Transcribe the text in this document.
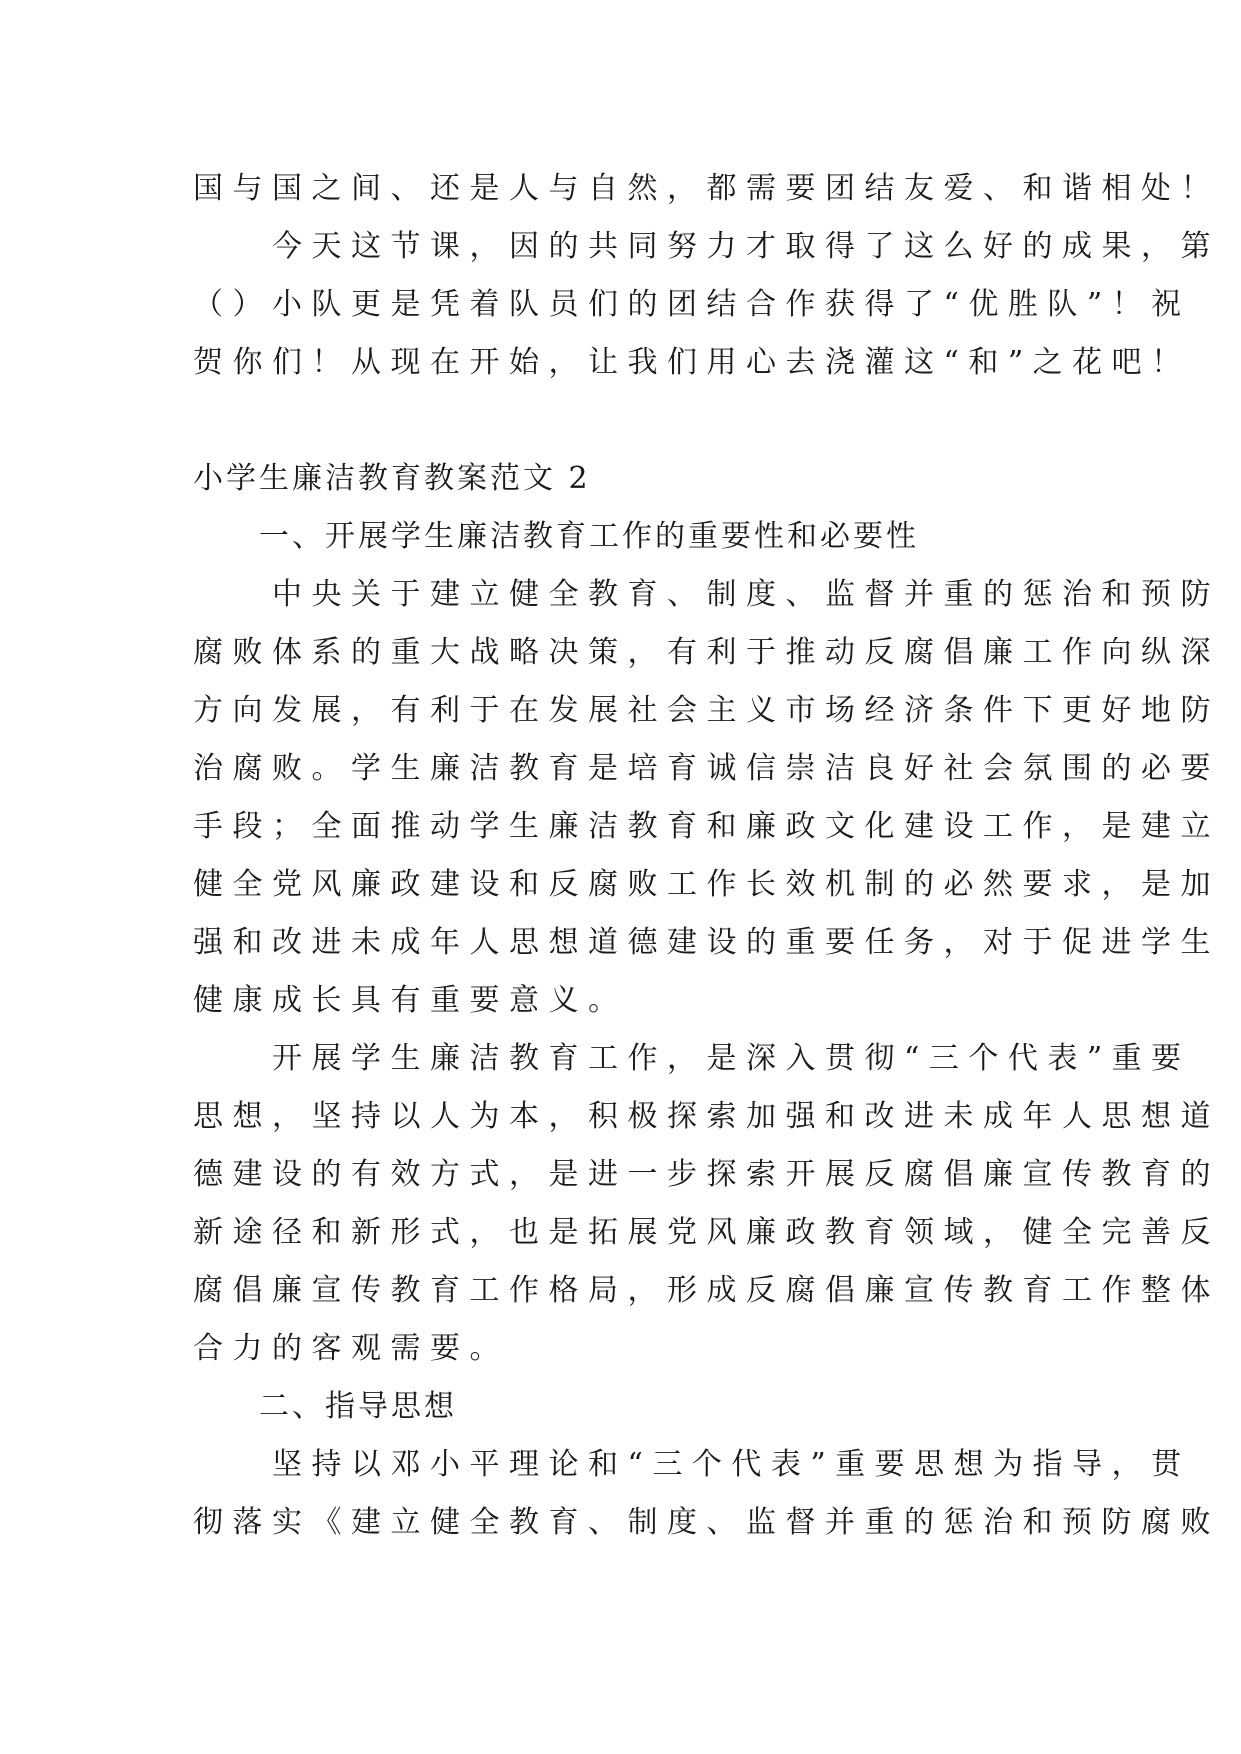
国与国之间、还是人与自然，都需要团结友爱、和谐相处！
　　今天这节课，因的共同努力才取得了这么好的成果，第
（）小队更是凭着队员们的团结合作获得了“优胜队”！祝
贺你们！从现在开始，让我们用心去浇灌这“和”之花吧！
小学生廉洁教育教案范文 2
　　一、开展学生廉洁教育工作的重要性和必要性
　　中央关于建立健全教育、制度、监督并重的惩治和预防
腐败体系的重大战略决策，有利于推动反腐倡廉工作向纵深
方向发展，有利于在发展社会主义市场经济条件下更好地防
治腐败。学生廉洁教育是培育诚信崇洁良好社会氛围的必要
手段；全面推动学生廉洁教育和廉政文化建设工作，是建立
健全党风廉政建设和反腐败工作长效机制的必然要求，是加
强和改进未成年人思想道德建设的重要任务，对于促进学生
健康成长具有重要意义。
　　开展学生廉洁教育工作，是深入贯彻“三个代表”重要
思想，坚持以人为本，积极探索加强和改进未成年人思想道
德建设的有效方式，是进一步探索开展反腐倡廉宣传教育的
新途径和新形式，也是拓展党风廉政教育领域，健全完善反
腐倡廉宣传教育工作格局，形成反腐倡廉宣传教育工作整体
合力的客观需要。
　　二、指导思想
　　坚持以邓小平理论和“三个代表”重要思想为指导，贯
彻落实《建立健全教育、制度、监督并重的惩治和预防腐败
